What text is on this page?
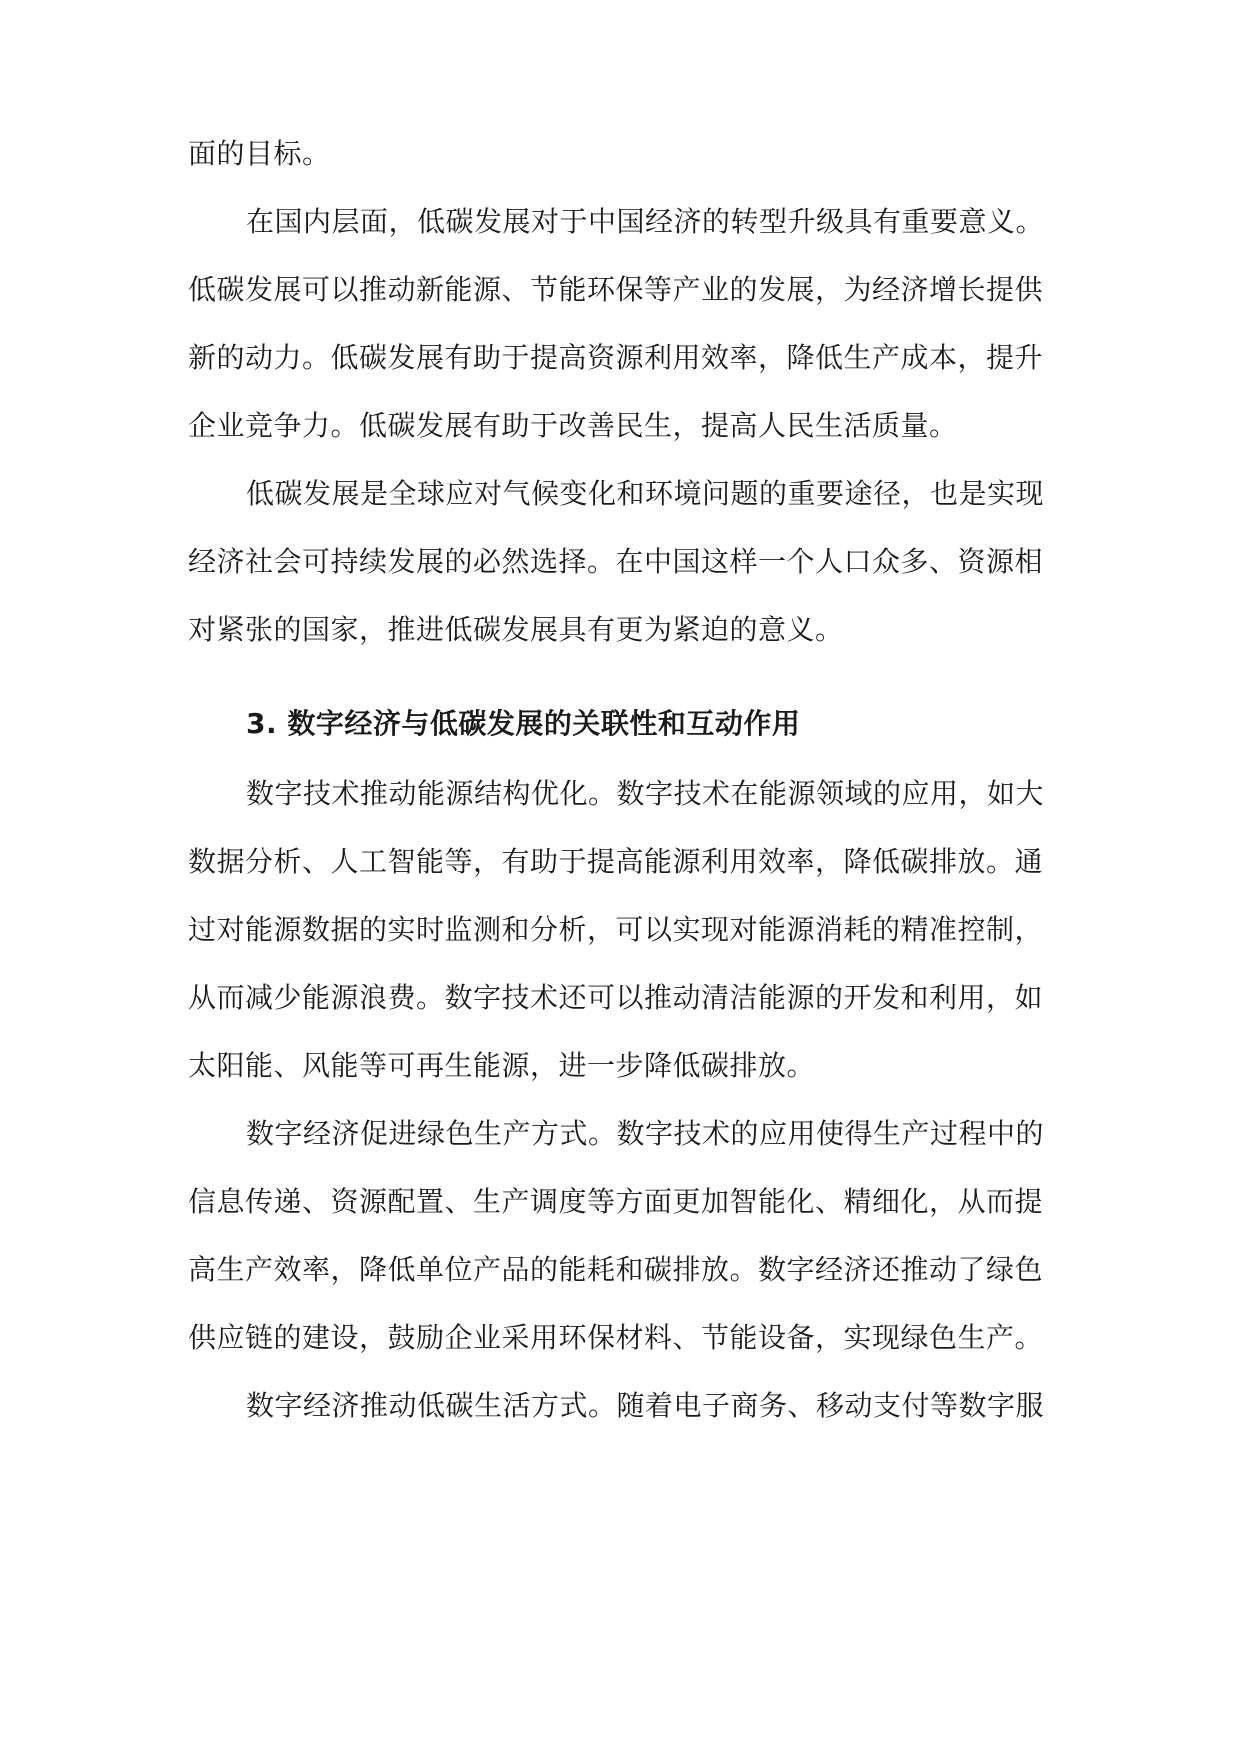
面的目标。
在国内层面，低碳发展对于中国经济的转型升级具有重要意义。
低碳发展可以推动新能源、节能环保等产业的发展，为经济增长提供
新的动力。低碳发展有助于提高资源利用效率，降低生产成本，提升
企业竞争力。低碳发展有助于改善民生，提高人民生活质量。
低碳发展是全球应对气候变化和环境问题的重要途径，也是实现
经济社会可持续发展的必然选择。在中国这样一个人口众多、资源相
对紧张的国家，推进低碳发展具有更为紧迫的意义。
3. 数字经济与低碳发展的关联性和互动作用
数字技术推动能源结构优化。数字技术在能源领域的应用，如大
数据分析、人工智能等，有助于提高能源利用效率，降低碳排放。通
过对能源数据的实时监测和分析，可以实现对能源消耗的精准控制，
从而减少能源浪费。数字技术还可以推动清洁能源的开发和利用，如
太阳能、风能等可再生能源，进一步降低碳排放。
数字经济促进绿色生产方式。数字技术的应用使得生产过程中的
信息传递、资源配置、生产调度等方面更加智能化、精细化，从而提
高生产效率，降低单位产品的能耗和碳排放。数字经济还推动了绿色
供应链的建设，鼓励企业采用环保材料、节能设备，实现绿色生产。
数字经济推动低碳生活方式。随着电子商务、移动支付等数字服
